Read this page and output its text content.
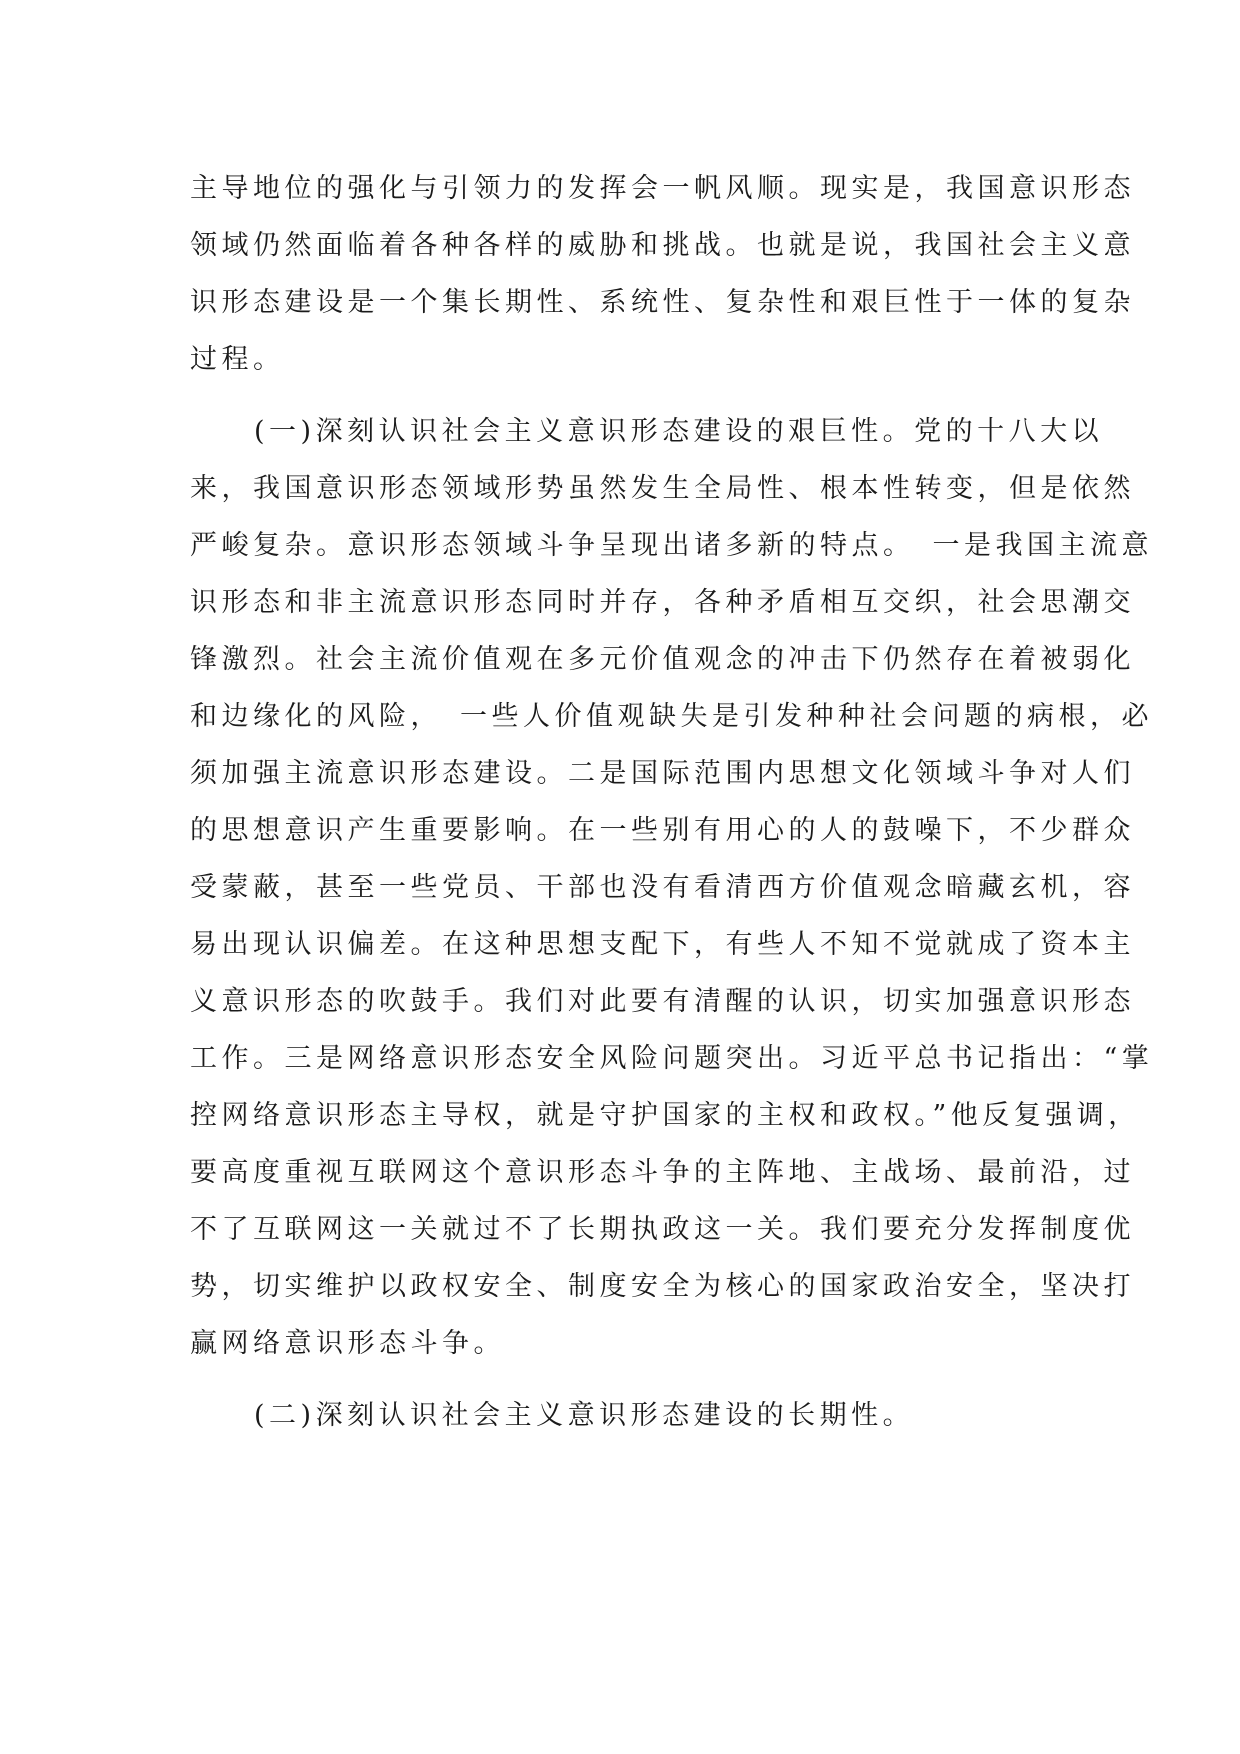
主导地位的强化与引领力的发挥会一帆风顺。现实是，我国意识形态
领域仍然面临着各种各样的威胁和挑战。也就是说，我国社会主义意
识形态建设是一个集长期性、系统性、复杂性和艰巨性于一体的复杂
过程。
(一)深刻认识社会主义意识形态建设的艰巨性。党的十八大以
来，我国意识形态领域形势虽然发生全局性、根本性转变，但是依然
严峻复杂。意识形态领域斗争呈现出诸多新的特点。　一是我国主流意
识形态和非主流意识形态同时并存，各种矛盾相互交织，社会思潮交
锋激烈。社会主流价值观在多元价值观念的冲击下仍然存在着被弱化
和边缘化的风险，　一些人价值观缺失是引发种种社会问题的病根，必
须加强主流意识形态建设。二是国际范围内思想文化领域斗争对人们
的思想意识产生重要影响。在一些别有用心的人的鼓噪下，不少群众
受蒙蔽，甚至一些党员、干部也没有看清西方价值观念暗藏玄机，容
易出现认识偏差。在这种思想支配下，有些人不知不觉就成了资本主
义意识形态的吹鼓手。我们对此要有清醒的认识，切实加强意识形态
工作。三是网络意识形态安全风险问题突出。习近平总书记指出：“掌
控网络意识形态主导权，就是守护国家的主权和政权。”他反复强调，
要高度重视互联网这个意识形态斗争的主阵地、主战场、最前沿，过
不了互联网这一关就过不了长期执政这一关。我们要充分发挥制度优
势，切实维护以政权安全、制度安全为核心的国家政治安全，坚决打
赢网络意识形态斗争。
(二)深刻认识社会主义意识形态建设的长期性。
